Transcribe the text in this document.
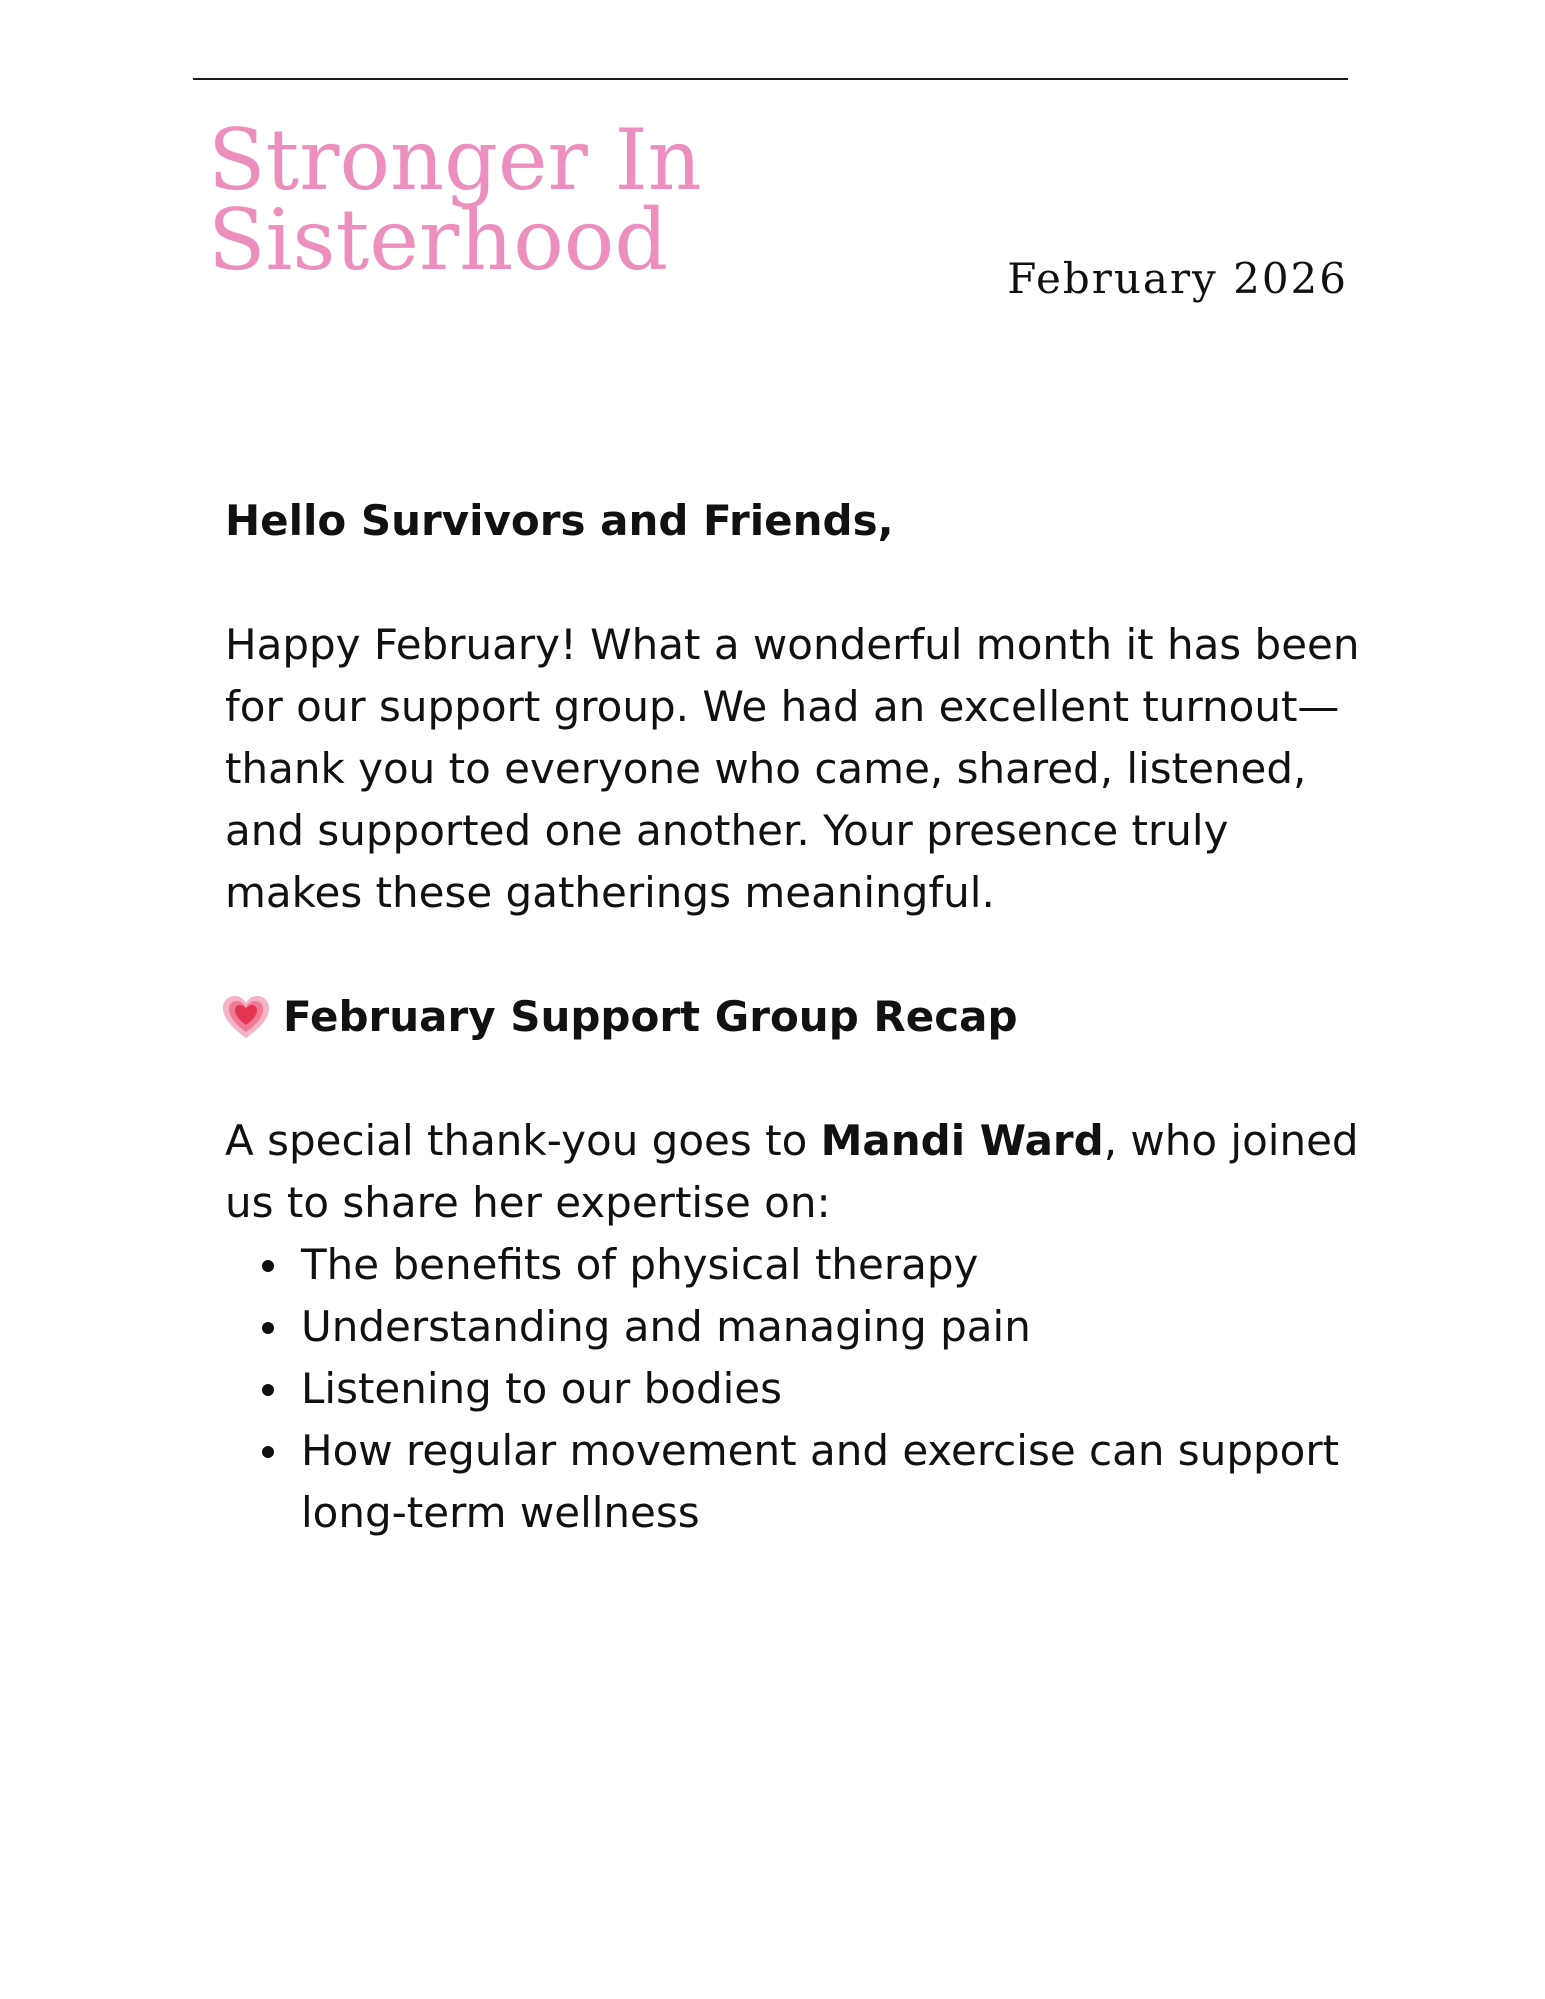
Stronger In
Sisterhood	February 2026

Hello Survivors and Friends,

Happy February! What a wonderful month it has been for our support group. We had an excellent turnout—thank you to everyone who came, shared, listened, and supported one another. Your presence truly makes these gatherings meaningful.

February Support Group Recap

A special thank-you goes to Mandi Ward, who joined us to share her expertise on:

The benefits of physical therapy
Understanding and managing pain
Listening to our bodies
How regular movement and exercise can support long-term wellness
